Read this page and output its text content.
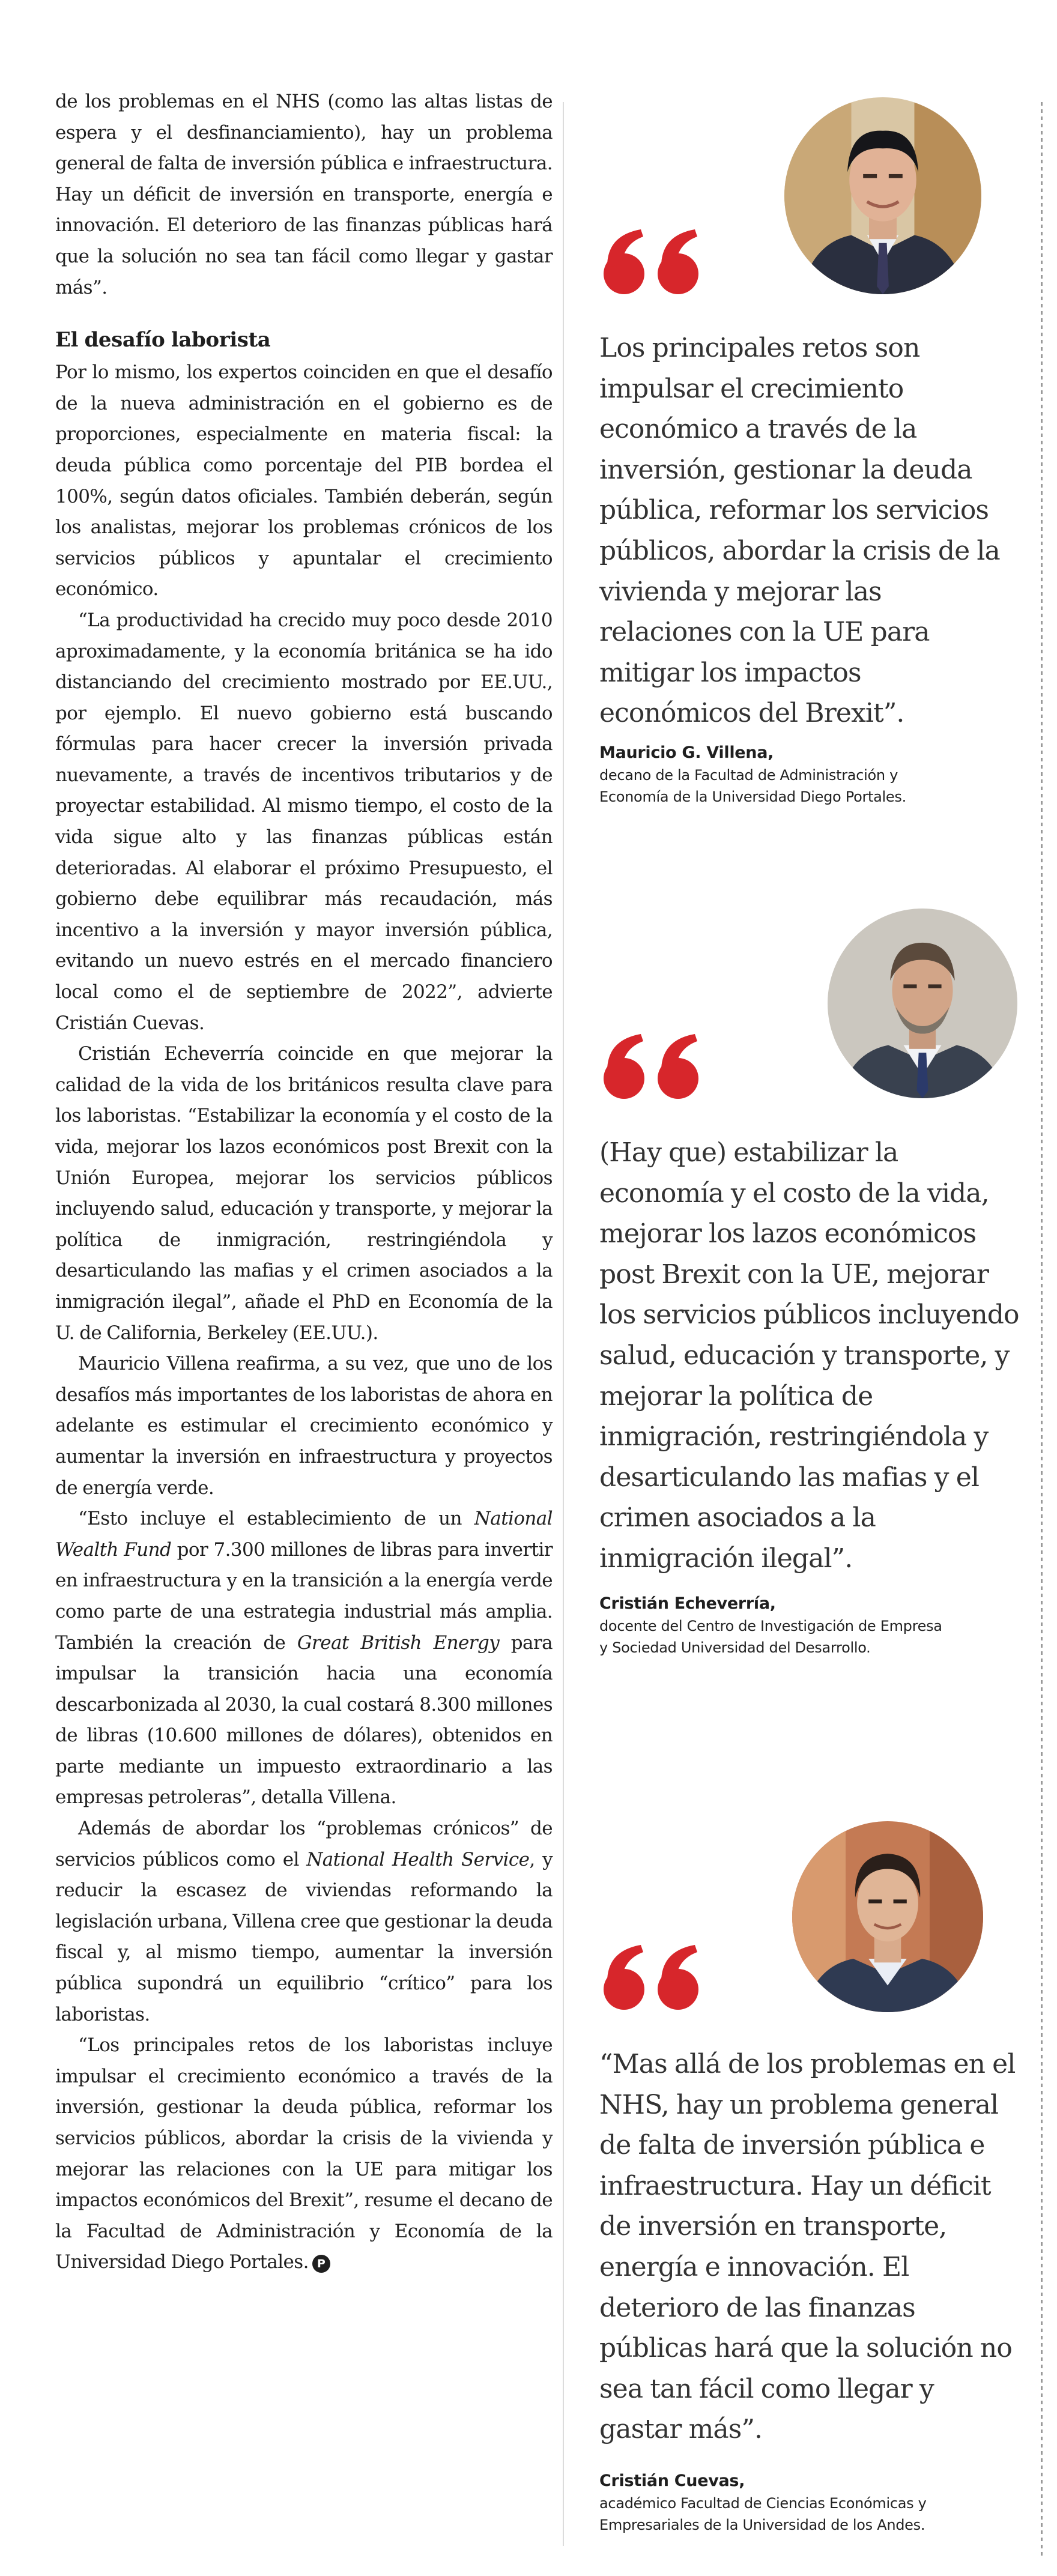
de los problemas en el NHS (como las altas listas de espera y el desfinanciamiento), hay un problema general de falta de inversión pública e infraestructura. Hay un déficit de inversión en transporte, energía e innovación. El deterioro de las finanzas públicas hará que la solución no sea tan fácil como llegar y gastar más”.

El desafío laborista

Por lo mismo, los expertos coinciden en que el desafío de la nueva administración en el gobierno es de proporciones, especialmente en materia fiscal: la deuda pública como porcentaje del PIB bordea el 100%, según datos oficiales. También deberán, según los analistas, mejorar los problemas crónicos de los servicios públicos y apuntalar el crecimiento económico.

“La productividad ha crecido muy poco desde 2010 aproximadamente, y la economía británica se ha ido distanciando del crecimiento mostrado por EE.UU., por ejemplo. El nuevo gobierno está buscando fórmulas para hacer crecer la inversión privada nuevamente, a través de incentivos tributarios y de proyectar estabilidad. Al mismo tiempo, el costo de la vida sigue alto y las finanzas públicas están deterioradas. Al elaborar el próximo Presupuesto, el gobierno debe equilibrar más recaudación, más incentivo a la inversión y mayor inversión pública, evitando un nuevo estrés en el mercado financiero local como el de septiembre de 2022”, advierte Cristián Cuevas.

Cristián Echeverría coincide en que mejorar la calidad de la vida de los británicos resulta clave para los laboristas. “Estabilizar la economía y el costo de la vida, mejorar los lazos económicos post Brexit con la Unión Europea, mejorar los servicios públicos incluyendo salud, educación y transporte, y mejorar la política de inmigración, restringiéndola y desarticulando las mafias y el crimen asociados a la inmigración ilegal”, añade el PhD en Economía de la U. de California, Berkeley (EE.UU.).

Mauricio Villena reafirma, a su vez, que uno de los desafíos más importantes de los laboristas de ahora en adelante es estimular el crecimiento económico y aumentar la inversión en infraestructura y proyectos de energía verde.

“Esto incluye el establecimiento de un National Wealth Fund por 7.300 millones de libras para invertir en infraestructura y en la transición a la energía verde como parte de una estrategia industrial más amplia. También la creación de Great British Energy para impulsar la transición hacia una economía descarbonizada al 2030, la cual costará 8.300 millones de libras (10.600 millones de dólares), obtenidos en parte mediante un impuesto extraordinario a las empresas petroleras”, detalla Villena.

Además de abordar los “problemas crónicos” de servicios públicos como el National Health Service, y reducir la escasez de viviendas reformando la legislación urbana, Villena cree que gestionar la deuda fiscal y, al mismo tiempo, aumentar la inversión pública supondrá un equilibrio “crítico” para los laboristas.

“Los principales retos de los laboristas incluye impulsar el crecimiento económico a través de la inversión, gestionar la deuda pública, reformar los servicios públicos, abordar la crisis de la vivienda y mejorar las relaciones con la UE para mitigar los impactos económicos del Brexit”, resume el decano de la Facultad de Administración y Economía de la Universidad Diego Portales. P

Los principales retos son impulsar el crecimiento económico a través de la inversión, gestionar la deuda pública, reformar los servicios públicos, abordar la crisis de la vivienda y mejorar las relaciones con la UE para mitigar los impactos económicos del Brexit”.

Mauricio G. Villena,
decano de la Facultad de Administración y
Economía de la Universidad Diego Portales.

(Hay que) estabilizar la economía y el costo de la vida, mejorar los lazos económicos post Brexit con la UE, mejorar los servicios públicos incluyendo salud, educación y transporte, y mejorar la política de inmigración, restringiéndola y desarticulando las mafias y el crimen asociados a la inmigración ilegal”.

Cristián Echeverría,
docente del Centro de Investigación de Empresa
y Sociedad Universidad del Desarrollo.

“Mas allá de los problemas en el NHS, hay un problema general de falta de inversión pública e infraestructura. Hay un déficit de inversión en transporte, energía e innovación. El deterioro de las finanzas públicas hará que la solución no sea tan fácil como llegar y gastar más”.

Cristián Cuevas,
académico Facultad de Ciencias Económicas y
Empresariales de la Universidad de los Andes.
